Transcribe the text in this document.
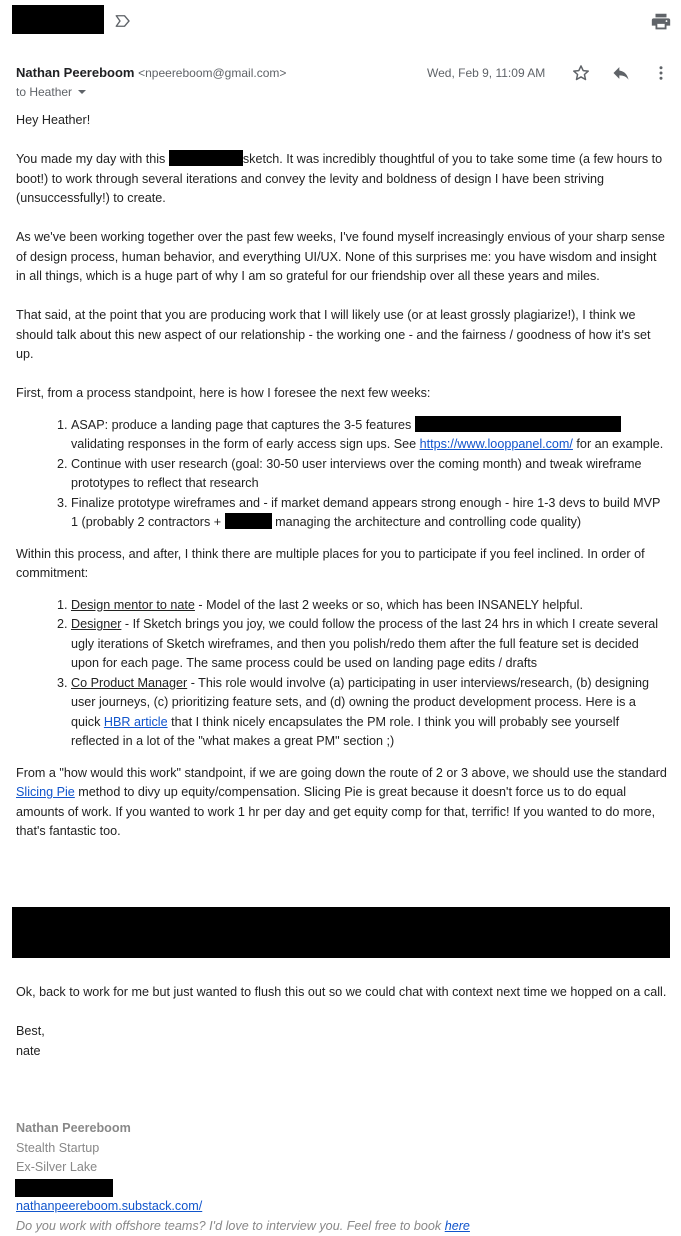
Nathan Peereboom <npeereboom@gmail.com>	Wed, Feb 9, 11:09 AM
to Heather

Hey Heather!

You made my day with this	sketch. It was incredibly thoughtful of you to take some time (a few hours to boot!) to work through several iterations and convey the levity and boldness of design I have been striving (unsuccessfully!) to create.

As we've been working together over the past few weeks, I've found myself increasingly envious of your sharp sense of design process, human behavior, and everything UI/UX. None of this surprises me: you have wisdom and insight in all things, which is a huge part of why I am so grateful for our friendship over all these years and miles.

That said, at the point that you are producing work that I will likely use (or at least grossly plagiarize!), I think we should talk about this new aspect of our relationship - the working one - and the fairness / goodness of how it's set up.

First, from a process standpoint, here is how I foresee the next few weeks:

1. ASAP: produce a landing page that captures the 3-5 features  validating responses in the form of early access sign ups. See https://www.looppanel.com/ for an example.
2. Continue with user research (goal: 30-50 user interviews over the coming month) and tweak wireframe prototypes to reflect that research
3. Finalize prototype wireframes and - if market demand appears strong enough - hire 1-3 devs to build MVP 1 (probably 2 contractors +	managing the architecture and controlling code quality)

Within this process, and after, I think there are multiple places for you to participate if you feel inclined. In order of commitment:

1. Design mentor to nate - Model of the last 2 weeks or so, which has been INSANELY helpful.
2. Designer - If Sketch brings you joy, we could follow the process of the last 24 hrs in which I create several ugly iterations of Sketch wireframes, and then you polish/redo them after the full feature set is decided upon for each page. The same process could be used on landing page edits / drafts
3. Co Product Manager - This role would involve (a) participating in user interviews/research, (b) designing user journeys, (c) prioritizing feature sets, and (d) owning the product development process. Here is a quick HBR article that I think nicely encapsulates the PM role. I think you will probably see yourself reflected in a lot of the "what makes a great PM" section ;)

From a "how would this work" standpoint, if we are going down the route of 2 or 3 above, we should use the standard Slicing Pie method to divy up equity/compensation. Slicing Pie is great because it doesn't force us to do equal amounts of work. If you wanted to work 1 hr per day and get equity comp for that, terrific! If you wanted to do more, that's fantastic too.

Ok, back to work for me but just wanted to flush this out so we could chat with context next time we hopped on a call.

Best,

nate

Nathan Peereboom

Stealth Startup

Ex-Silver Lake

nathanpeereboom.substack.com/

Do you work with offshore teams? I'd love to interview you. Feel free to book here
